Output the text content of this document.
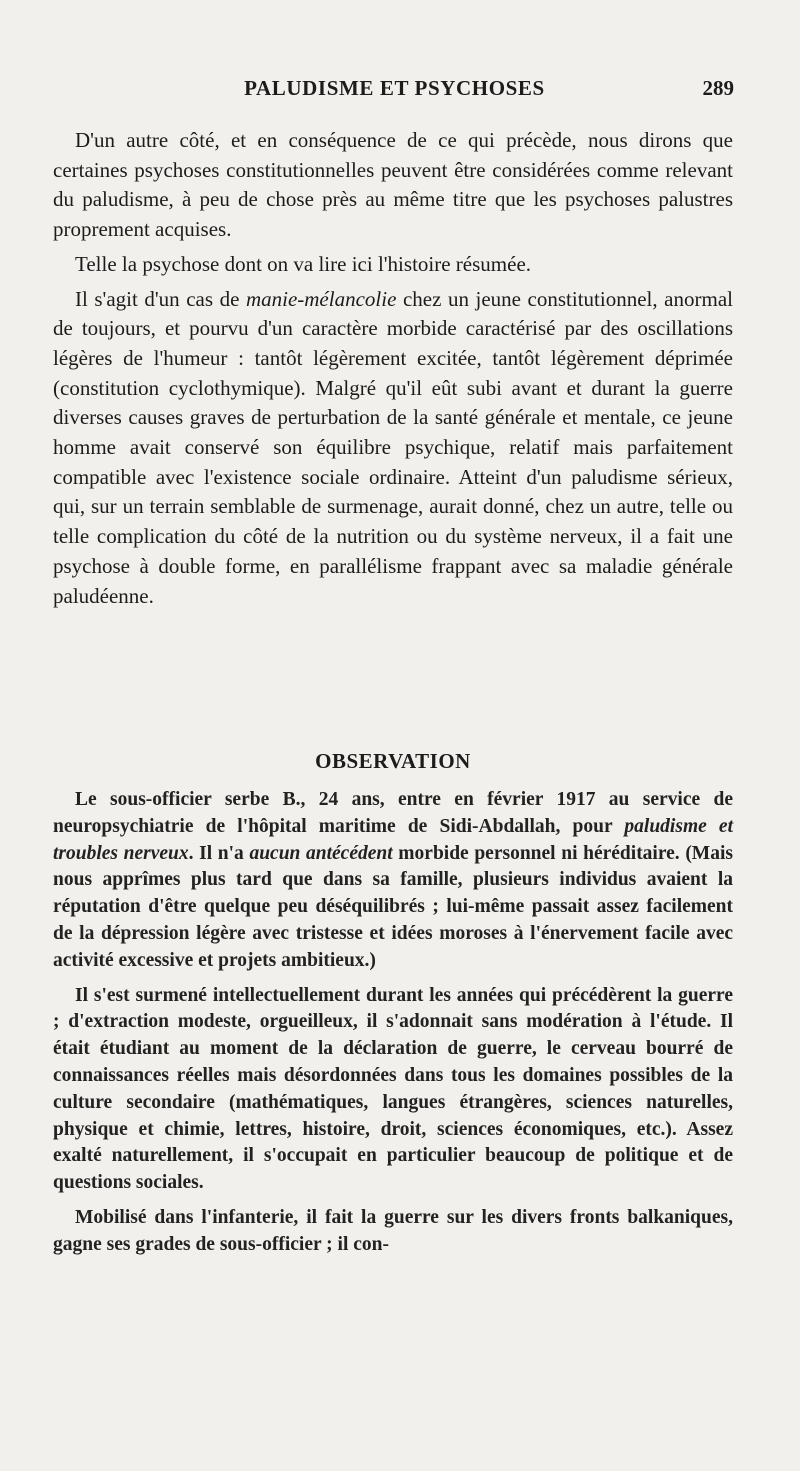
PALUDISME ET PSYCHOSES	289

D'un autre côté, et en conséquence de ce qui précède, nous dirons que certaines psychoses constitutionnelles peuvent être considérées comme relevant du paludisme, à peu de chose près au même titre que les psychoses palustres proprement acquises.

Telle la psychose dont on va lire ici l'histoire résumée.

Il s'agit d'un cas de manie-mélancolie chez un jeune constitutionnel, anormal de toujours, et pourvu d'un caractère morbide caractérisé par des oscillations légères de l'humeur : tantôt légèrement excitée, tantôt légèrement déprimée (constitution cyclothymique). Malgré qu'il eût subi avant et durant la guerre diverses causes graves de perturbation de la santé générale et mentale, ce jeune homme avait conservé son équilibre psychique, relatif mais parfaitement compatible avec l'existence sociale ordinaire. Atteint d'un paludisme sérieux, qui, sur un terrain semblable de surmenage, aurait donné, chez un autre, telle ou telle complication du côté de la nutrition ou du système nerveux, il a fait une psychose à double forme, en parallélisme frappant avec sa maladie générale paludéenne.

OBSERVATION

Le sous-officier serbe B., 24 ans, entre en février 1917 au service de neuropsychiatrie de l'hôpital maritime de Sidi-Abdallah, pour paludisme et troubles nerveux. Il n'a aucun antécédent morbide personnel ni héréditaire. (Mais nous apprîmes plus tard que dans sa famille, plusieurs individus avaient la réputation d'être quelque peu déséquilibrés ; lui-même passait assez facilement de la dépression légère avec tristesse et idées moroses à l'énervement facile avec activité excessive et projets ambitieux.)

Il s'est surmené intellectuellement durant les années qui précédèrent la guerre ; d'extraction modeste, orgueilleux, il s'adonnait sans modération à l'étude. Il était étudiant au moment de la déclaration de guerre, le cerveau bourré de connaissances réelles mais désordonnées dans tous les domaines possibles de la culture secondaire (mathématiques, langues étrangères, sciences naturelles, physique et chimie, lettres, histoire, droit, sciences économiques, etc.). Assez exalté naturellement, il s'occupait en particulier beaucoup de politique et de questions sociales.

Mobilisé dans l'infanterie, il fait la guerre sur les divers fronts balkaniques, gagne ses grades de sous-officier ; il con-
